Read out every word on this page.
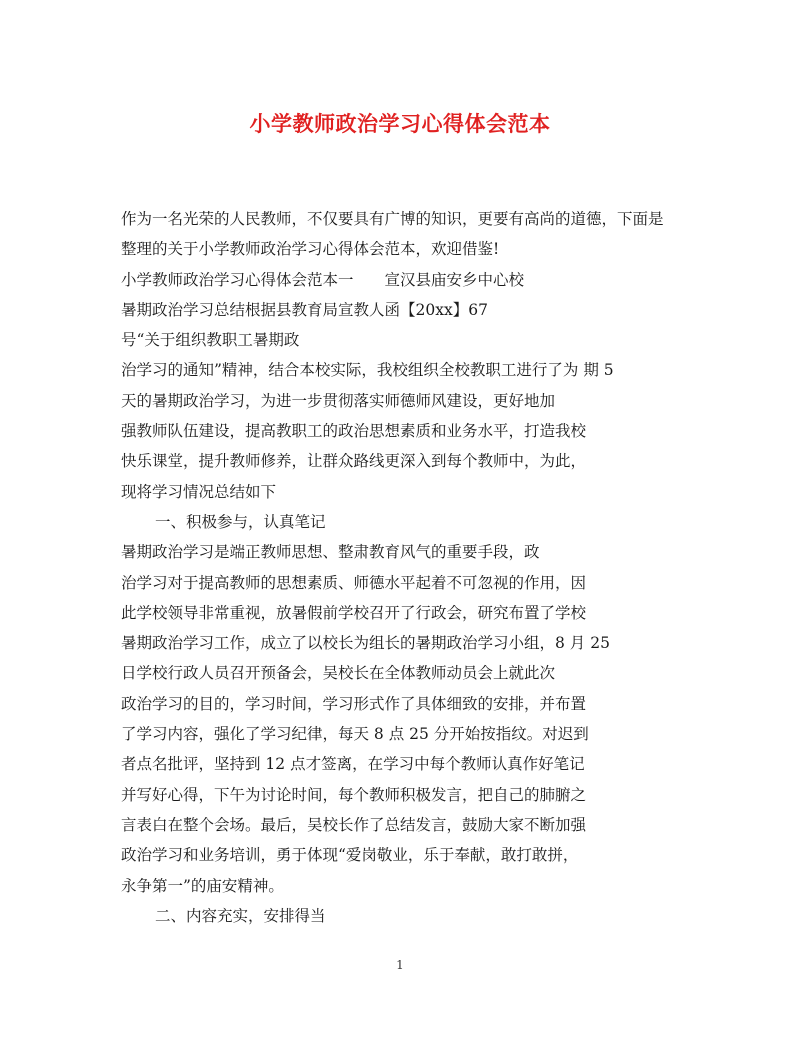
小学教师政治学习心得体会范本
作为一名光荣的人民教师，不仅要具有广博的知识，更要有高尚的道德，下面是
整理的关于小学教师政治学习心得体会范本，欢迎借鉴!
小学教师政治学习心得体会范本一　　宣汉县庙安乡中心校
暑期政治学习总结根据县教育局宣教人函【20xx】67
号“关于组织教职工暑期政
治学习的通知”精神，结合本校实际，我校组织全校教职工进行了为 期 5
天的暑期政治学习，为进一步贯彻落实师德师风建设，更好地加
强教师队伍建设，提高教职工的政治思想素质和业务水平，打造我校
快乐课堂，提升教师修养，让群众路线更深入到每个教师中，为此，
现将学习情况总结如下
一、积极参与，认真笔记
暑期政治学习是端正教师思想、整肃教育风气的重要手段，政
治学习对于提高教师的思想素质、师德水平起着不可忽视的作用，因
此学校领导非常重视，放暑假前学校召开了行政会，研究布置了学校
暑期政治学习工作，成立了以校长为组长的暑期政治学习小组，8 月 25
日学校行政人员召开预备会，吴校长在全体教师动员会上就此次
政治学习的目的，学习时间，学习形式作了具体细致的安排，并布置
了学习内容，强化了学习纪律，每天 8 点 25 分开始按指纹。对迟到
者点名批评，坚持到 12 点才签离，在学习中每个教师认真作好笔记
并写好心得，下午为讨论时间，每个教师积极发言，把自己的肺腑之
言表白在整个会场。最后，吴校长作了总结发言，鼓励大家不断加强
政治学习和业务培训，勇于体现“爱岗敬业，乐于奉献，敢打敢拼，
永争第一”的庙安精神。
二、内容充实，安排得当
1
